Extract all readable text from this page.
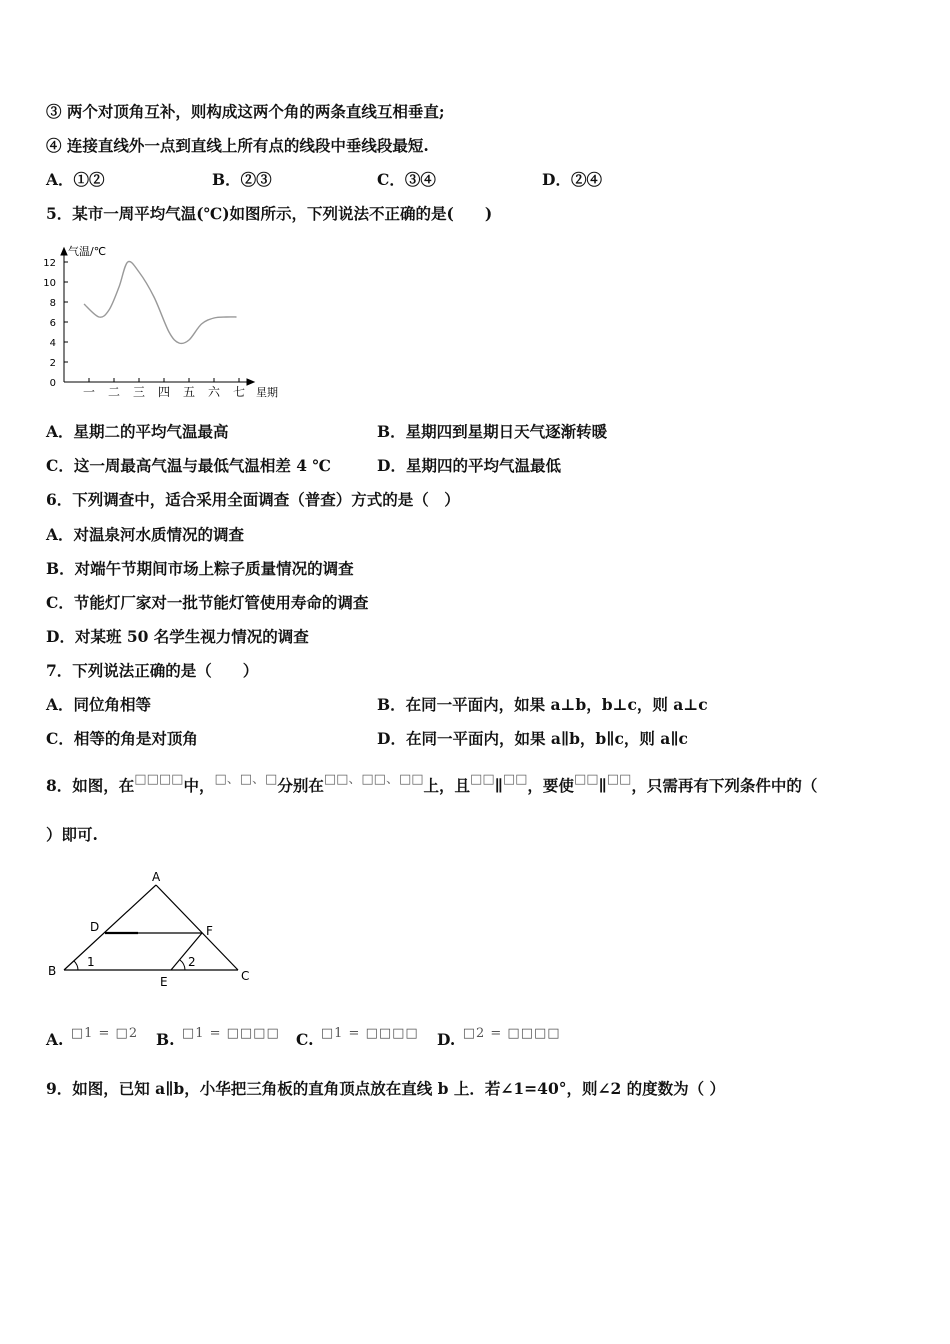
③ 两个对顶角互补，则构成这两个角的两条直线互相垂直;
④ 连接直线外一点到直线上所有点的线段中垂线段最短.
A．①②	B．②③	C．③④	D．②④
5．某市一周平均气温(℃)如图所示，下列说法不正确的是(　　)
0
2
4
6
8
10
12
一 二 三 四 五 六 七
气温/℃
星期
A．星期二的平均气温最高	B．星期四到星期日天气逐渐转暖
C．这一周最高气温与最低气温相差 4 ℃	D．星期四的平均气温最低
6．下列调查中，适合采用全面调查（普查）方式的是（　）
A．对温泉河水质情况的调查
B．对端午节期间市场上粽子质量情况的调查
C．节能灯厂家对一批节能灯管使用寿命的调查
D．对某班 50 名学生视力情况的调查
7．下列说法正确的是（　　）
A．同位角相等	B．在同一平面内，如果 a⊥b，b⊥c，则 a⊥c
C．相等的角是对顶角	D．在同一平面内，如果 a∥b，b∥c，则 a∥c
8．如图，在□□□□中，□、□、□分别在□□、□□、□□上，且□□∥□□，要使□□∥□□，只需再有下列条件中的（
）即可.
A
D	F
B
E	C
1	2
A. $^{□1 = □2}$ B. $^{□1 = □□□□}$ C. $^{□1 = □□□□}$ D. $^{□2 = □□□□}$
9．如图，已知 a∥b，小华把三角板的直角顶点放在直线 b 上．若∠1=40°，则∠2 的度数为（ ）
